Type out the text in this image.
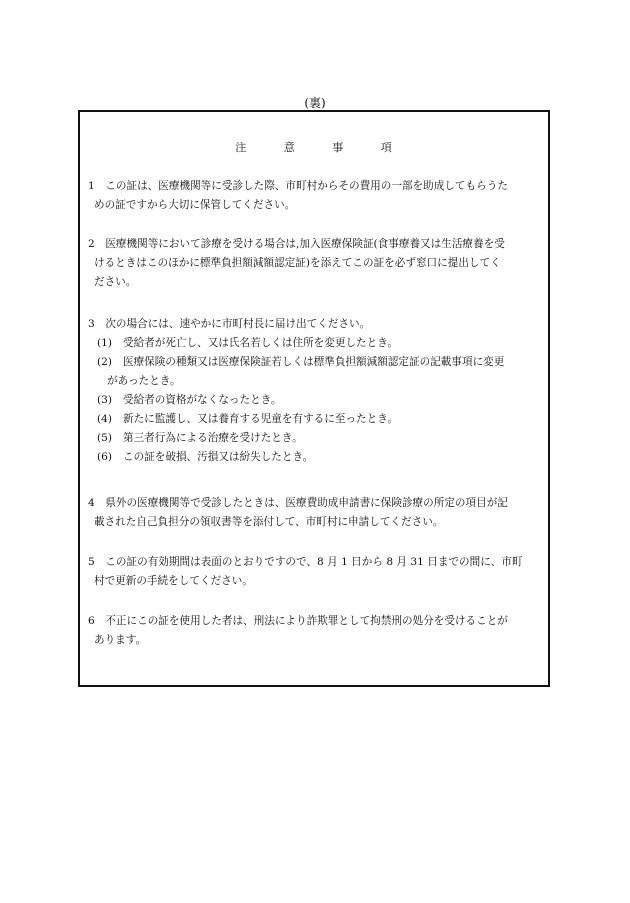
(裏)
注	意	事	項
1　この証は、医療機関等に受診した際、市町村からその費用の一部を助成してもらうた
めの証ですから大切に保管してください。
2　医療機関等において診療を受ける場合は,加入医療保険証(食事療養又は生活療養を受
けるときはこのほかに標準負担額減額認定証)を添えてこの証を必ず窓口に提出してく
ださい。
3　次の場合には、速やかに市町村長に届け出てください。
(1) 受給者が死亡し、又は氏名若しくは住所を変更したとき。
(2) 医療保険の種類又は医療保険証若しくは標準負担額減額認定証の記載事項に変更
があったとき。
(3) 受給者の資格がなくなったとき。
(4) 新たに監護し、又は養育する児童を有するに至ったとき。
(5) 第三者行為による治療を受けたとき。
(6) この証を破損、汚損又は紛失したとき。
4　県外の医療機関等で受診したときは、医療費助成申請書に保険診療の所定の項目が記
載された自己負担分の領収書等を添付して、市町村に申請してください。
5　この証の有効期間は表面のとおりですので、8 月 1 日から 8 月 31 日までの間に、市町
村で更新の手続をしてください。
6　不正にこの証を使用した者は、刑法により詐欺罪として拘禁刑の処分を受けることが
あります。
